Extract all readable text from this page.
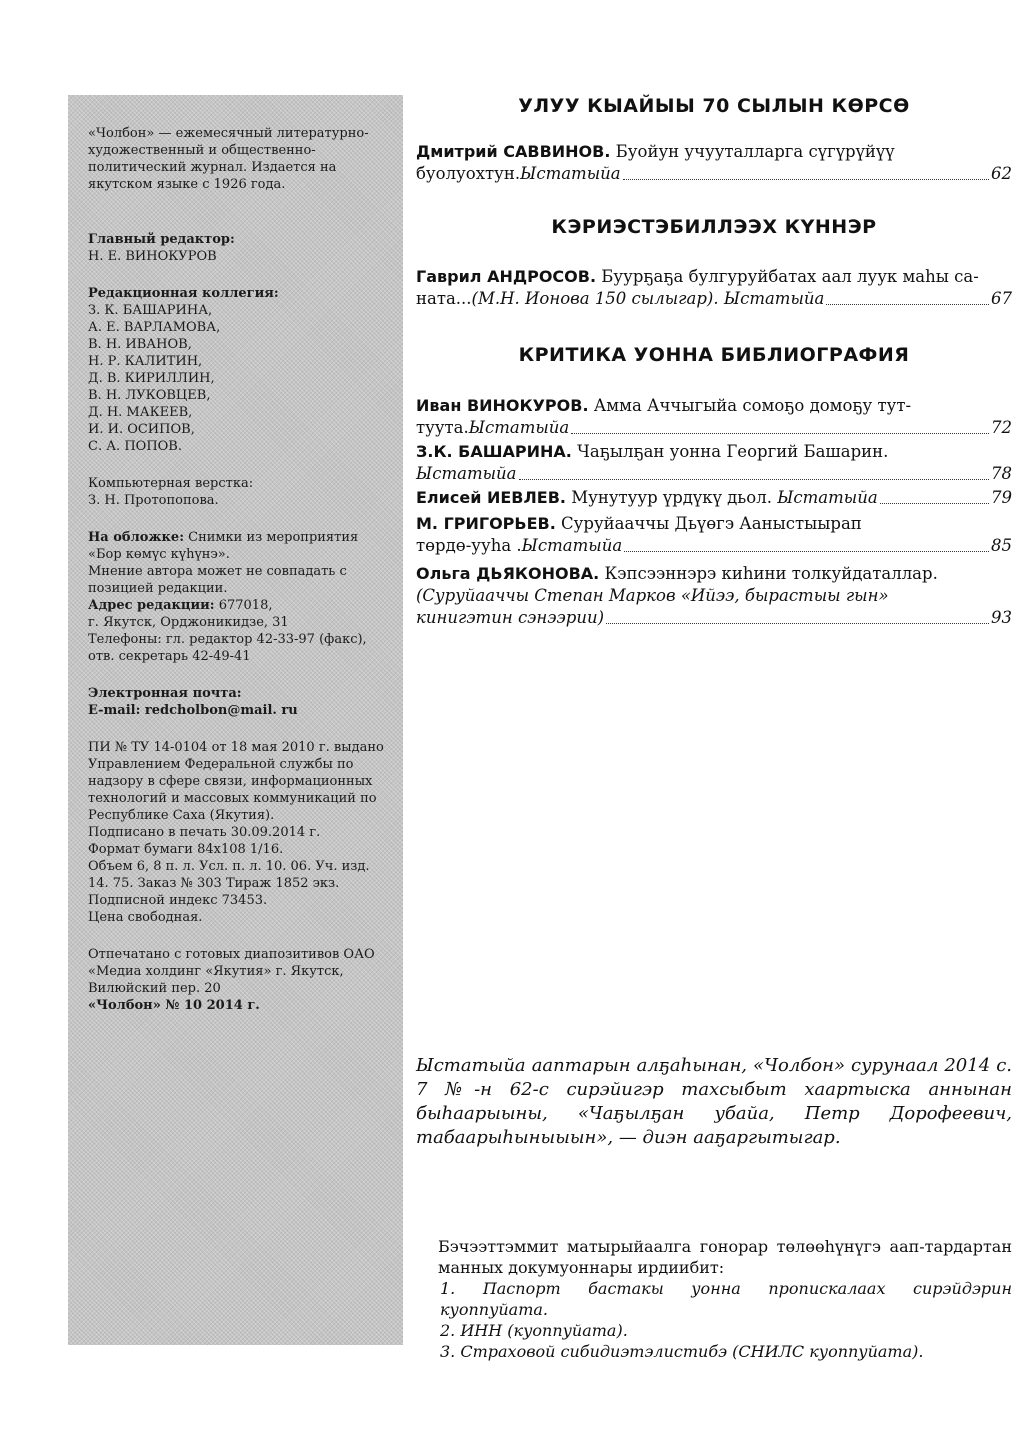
«Чолбон» — ежемесячный литературно-художественный и общественно-политический журнал. Издается на якутском языке с 1926 года.

Главный редактор:
Н. Е. ВИНОКУРОВ
Редакционная коллегия:
З. К. БАШАРИНА,
А. Е. ВАРЛАМОВА,
В. Н. ИВАНОВ,
Н. Р. КАЛИТИН,
Д. В. КИРИЛЛИН,
В. Н. ЛУКОВЦЕВ,
Д. Н. МАКЕЕВ,
И. И. ОСИПОВ,
С. А. ПОПОВ.
Компьютерная верстка:
З. Н. Протопопова.

На обложке: Снимки из мероприятия «Бор көмүс күһүнэ».

Мнение автора может не совпадать с позицией редакции.

Адрес редакции: 677018,
г. Якутск, Орджоникидзе, 31
Телефоны: гл. редактор 42-33-97 (факс),
отв. секретарь 42-49-41
Электронная почта:
E-mail: redcholbon@mail. ru

ПИ № ТУ 14-0104 от 18 мая 2010 г. выдано Управлением Федеральной службы по надзору в сфере связи, информационных технологий и массовых коммуникаций по Республике Саха (Якутия).

Подписано в печать 30.09.2014 г.
Формат бумаги 84х108 1/16.
Объем 6, 8 п. л. Усл. п. л. 10. 06. Уч. изд.
14. 75. Заказ № 303 Тираж 1852 экз.
Подписной индекс 73453.
Цена свободная.

Отпечатано с готовых диапозитивов ОАО «Медиа холдинг «Якутия» г. Якутск, Вилюйский пер. 20

«Чолбон» № 10 2014 г.

УЛУУ КЫАЙЫЫ 70 СЫЛЫН КӨРСӨ
Дмитрий САВВИНОВ. Буойун учууталларга сүгүрүйүү
буолуохтун. Ыстатыйа	62
КЭРИЭСТЭБИЛЛЭЭХ КҮННЭР
Гаврил АНДРОСОВ. Буурҕаҕа булгуруйбатах аал луук маһы са-
ната... (М.Н. Ионова 150 сылыгар). Ыстатыйа	67
КРИТИКА УОННА БИБЛИОГРАФИЯ
Иван ВИНОКУРОВ. Амма Аччыгыйа сомоҕо домоҕу тут-
туута. Ыстатыйа	72
З.К. БАШАРИНА. Чаҕылҕан уонна Георгий Башарин.
Ыстатыйа	78
Елисей ИЕВЛЕВ. Мунутуур үрдүкү дьол. Ыстатыйа	79
М. ГРИГОРЬЕВ. Суруйааччы Дьүөгэ Ааныстыырап
төрдө-ууһа . Ыстатыйа	85
Ольга ДЬЯКОНОВА. Кэпсээннэрэ киһини толкуйдаталлар.
(Суруйааччы Степан Марков «Ийээ, бырастыы гын»
кинигэтин сэнээрии)	93

Ыстатыйа ааптарын алҕаһынан, «Чолбон» сурунаал 2014 с. 7 №-н 62-с сирэйигэр тахсыбыт хаартыска аннынан быһаарыыны, «Чаҕылҕан убайа, Петр Дорофеевич, табаарыһыныыын», — диэн ааҕаргытыгар.

Бэчээттэммит матырыйаалга гонорар төлөөһүнүгэ аап-тардартан манных докумуоннары ирдиибит:

1. Паспорт бастакы уонна пропискалаах сирэйдэрин куоппуйата.
2. ИНН (куоппуйата).
3. Страховой сибидиэтэлистибэ (СНИЛС куоппуйата).
